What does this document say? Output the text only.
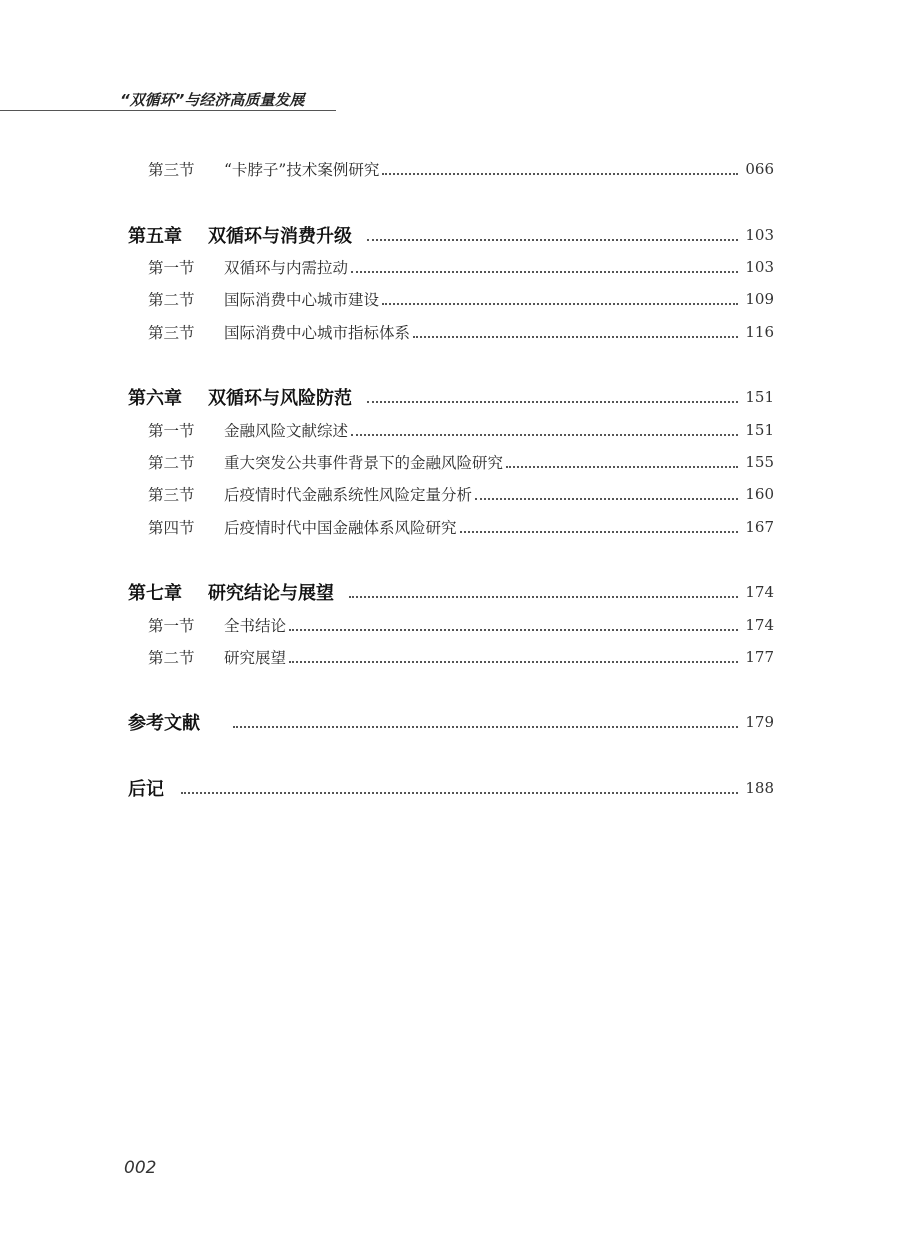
“双循环”与经济高质量发展
第三节	“卡脖子”技术案例研究	066
第五章	双循环与消费升级	103
第一节	双循环与内需拉动	103
第二节	国际消费中心城市建设	109
第三节	国际消费中心城市指标体系	116
第六章	双循环与风险防范	151
第一节	金融风险文献综述	151
第二节	重大突发公共事件背景下的金融风险研究	155
第三节	后疫情时代金融系统性风险定量分析	160
第四节	后疫情时代中国金融体系风险研究	167
第七章	研究结论与展望	174
第一节	全书结论	174
第二节	研究展望	177
参考文献	179
后记	188
002
